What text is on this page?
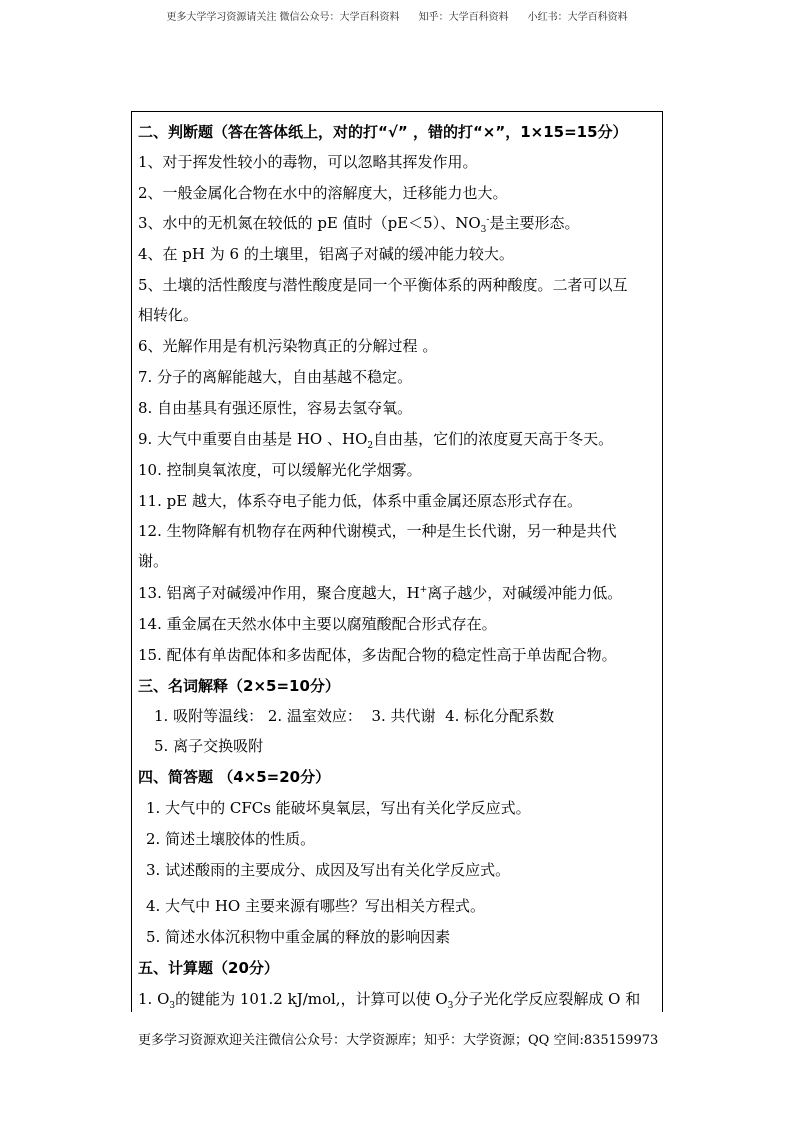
更多大学学习资源请关注 微信公众号：大学百科资料      知乎：大学百科资料      小红书：大学百科资料
二、判断题（答在答体纸上，对的打“√” ，错的打“×”，1×15=15分）
1、对于挥发性较小的毒物，可以忽略其挥发作用。
2、一般金属化合物在水中的溶解度大，迁移能力也大。
3、水中的无机氮在较低的 pE 值时（pE＜5）、$NO_3^-$是主要形态。
4、在 pH 为 6 的土壤里，铝离子对碱的缓冲能力较大。
5、土壤的活性酸度与潜性酸度是同一个平衡体系的两种酸度。二者可以互
相转化。
6、光解作用是有机污染物真正的分解过程 。
7. 分子的离解能越大，自由基越不稳定。
8. 自由基具有强还原性，容易去氢夺氧。
9. 大气中重要自由基是 HO 、$HO_2$自由基，它们的浓度夏天高于冬天。
10. 控制臭氧浓度，可以缓解光化学烟雾。
11. pE 越大，体系夺电子能力低，体系中重金属还原态形式存在。
12. 生物降解有机物存在两种代谢模式，一种是生长代谢，另一种是共代
谢。
13. 铝离子对碱缓冲作用，聚合度越大，H+离子越少，对碱缓冲能力低。
14. 重金属在天然水体中主要以腐殖酸配合形式存在。
15. 配体有单齿配体和多齿配体，多齿配合物的稳定性高于单齿配合物。
三、名词解释（2×5=10分）
1. 吸附等温线： 2. 温室效应：  3. 共代谢  4. 标化分配系数
5. 离子交换吸附
四、简答题 （4×5=20分）
1. 大气中的 CFCs 能破坏臭氧层，写出有关化学反应式。
2. 简述土壤胶体的性质。
3. 试述酸雨的主要成分、成因及写出有关化学反应式。
4. 大气中 HO 主要来源有哪些？写出相关方程式。
5. 简述水体沉积物中重金属的释放的影响因素
五、计算题（20分）
1. $O_3$的键能为 101.2 kJ/mol,，计算可以使 $O_3$分子光化学反应裂解成 O 和
更多学习资源欢迎关注微信公众号：大学资源库；知乎：大学资源；QQ 空间:835159973
